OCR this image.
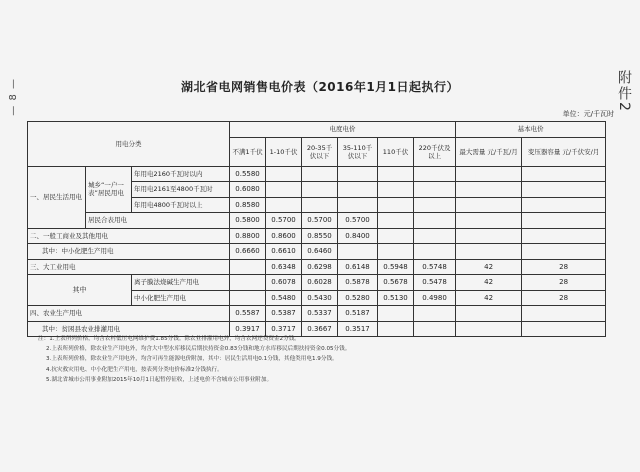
— 8 —	附件2
湖北省电网销售电价表（2016年1月1日起执行）
单位：元/千瓦时
用电分类			电度电价						基本电价	
			不满1千伏	1-10千伏	20-35千伏以下	35-110千伏以下	110千伏	220千伏及以上	最大需量 元/千瓦/月	变压器容量 元/千伏安/月
一、居民生活用电	城乡“一户一表”居民用电	年用电2160千瓦时以内	0.5580							
		年用电2161至4800千瓦时	0.6080							
		年用电4800千瓦时以上	0.8580							
	居民合表用电		0.5800	0.5700	0.5700	0.5700				
二、一般工商业及其他用电			0.8800	0.8600	0.8550	0.8400				
其中：中小化肥生产用电			0.6660	0.6610	0.6460					
三、大工业用电				0.6348	0.6298	0.6148	0.5948	0.5748	42	28
其中		离子膜法烧碱生产用电		0.6078	0.6028	0.5878	0.5678	0.5478	42	28
		中小化肥生产用电		0.5480	0.5430	0.5280	0.5130	0.4980	42	28
四、农业生产用电			0.5587	0.5387	0.5337	0.5187				
其中：贫困县农业排灌用电			0.3917	0.3717	0.3667	0.3517				
注：1.上表所列价格，均含农村低压电网维护费1.85分钱。除农业排灌用电外，均含农网还贷资金2分钱。
2.上表所列价格，除农业生产用电外，均含大中型水库移民后期扶持资金0.83分钱和地方水库移民后期扶持资金0.05分钱。
3.上表所列价格，除农业生产用电外，均含可再生能源电价附加，其中：居民生活用电0.1分钱，其他类用电1.9分钱。
4.抗灾救灾用电、中小化肥生产用电，按表列分类电价标准2分钱执行。
5.湖北省城市公用事业附加2015年10月1日起暂停征收，上述电价不含城市公用事业附加。
